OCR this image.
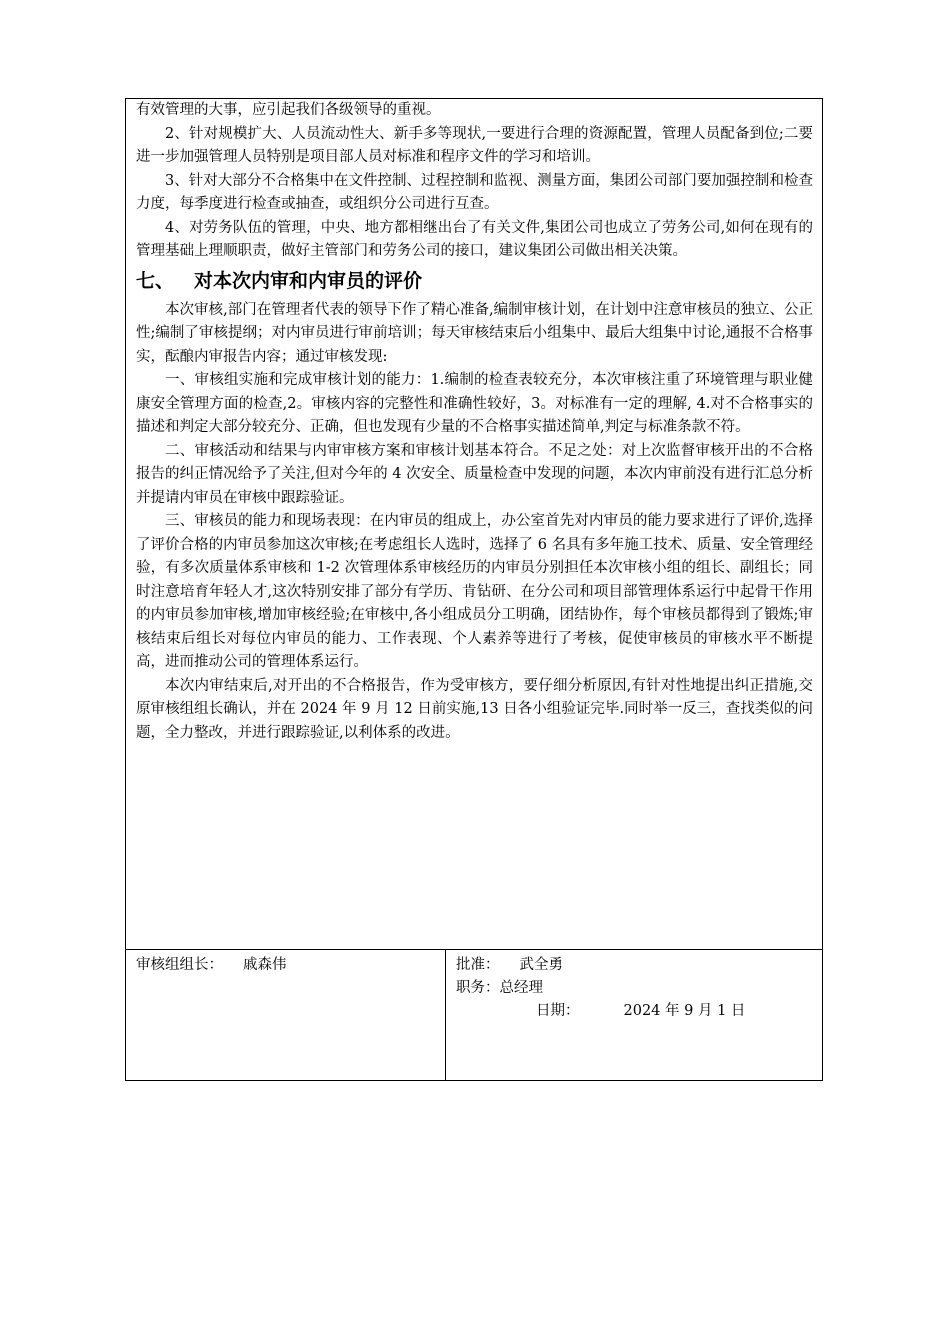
有效管理的大事，应引起我们各级领导的重视。

2、针对规模扩大、人员流动性大、新手多等现状,一要进行合理的资源配置，管理人员配备到位;二要进一步加强管理人员特别是项目部人员对标准和程序文件的学习和培训。

3、针对大部分不合格集中在文件控制、过程控制和监视、测量方面，集团公司部门要加强控制和检查力度，每季度进行检查或抽查，或组织分公司进行互查。

4、对劳务队伍的管理，中央、地方都相继出台了有关文件,集团公司也成立了劳务公司,如何在现有的管理基础上理顺职责，做好主管部门和劳务公司的接口，建议集团公司做出相关决策。

七、 对本次内审和内审员的评价

本次审核,部门在管理者代表的领导下作了精心准备,编制审核计划，在计划中注意审核员的独立、公正性;编制了审核提纲；对内审员进行审前培训；每天审核结束后小组集中、最后大组集中讨论,通报不合格事实，酝酿内审报告内容；通过审核发现:

一、审核组实施和完成审核计划的能力：1.编制的检查表较充分，本次审核注重了环境管理与职业健康安全管理方面的检查,2。审核内容的完整性和准确性较好，3。对标准有一定的理解, 4.对不合格事实的描述和判定大部分较充分、正确，但也发现有少量的不合格事实描述简单,判定与标准条款不符。

二、审核活动和结果与内审审核方案和审核计划基本符合。不足之处：对上次监督审核开出的不合格报告的纠正情况给予了关注,但对今年的 4 次安全、质量检查中发现的问题，本次内审前没有进行汇总分析并提请内审员在审核中跟踪验证。

三、审核员的能力和现场表现：在内审员的组成上，办公室首先对内审员的能力要求进行了评价,选择了评价合格的内审员参加这次审核;在考虑组长人选时，选择了 6 名具有多年施工技术、质量、安全管理经验，有多次质量体系审核和 1-2 次管理体系审核经历的内审员分别担任本次审核小组的组长、副组长；同时注意培育年轻人才,这次特别安排了部分有学历、肯钻研、在分公司和项目部管理体系运行中起骨干作用的内审员参加审核,增加审核经验;在审核中,各小组成员分工明确，团结协作，每个审核员都得到了锻炼;审核结束后组长对每位内审员的能力、工作表现、个人素养等进行了考核，促使审核员的审核水平不断提高，进而推动公司的管理体系运行。

本次内审结束后,对开出的不合格报告，作为受审核方，要仔细分析原因,有针对性地提出纠正措施,交原审核组组长确认，并在 2024 年 9 月 12 日前实施,13 日各小组验证完毕.同时举一反三，查找类似的问题，全力整改，并进行跟踪验证,以利体系的改进。

审核组组长： 戚森伟	批准： 武全勇
职务：总经理
日期：	2024 年 9 月 1 日
